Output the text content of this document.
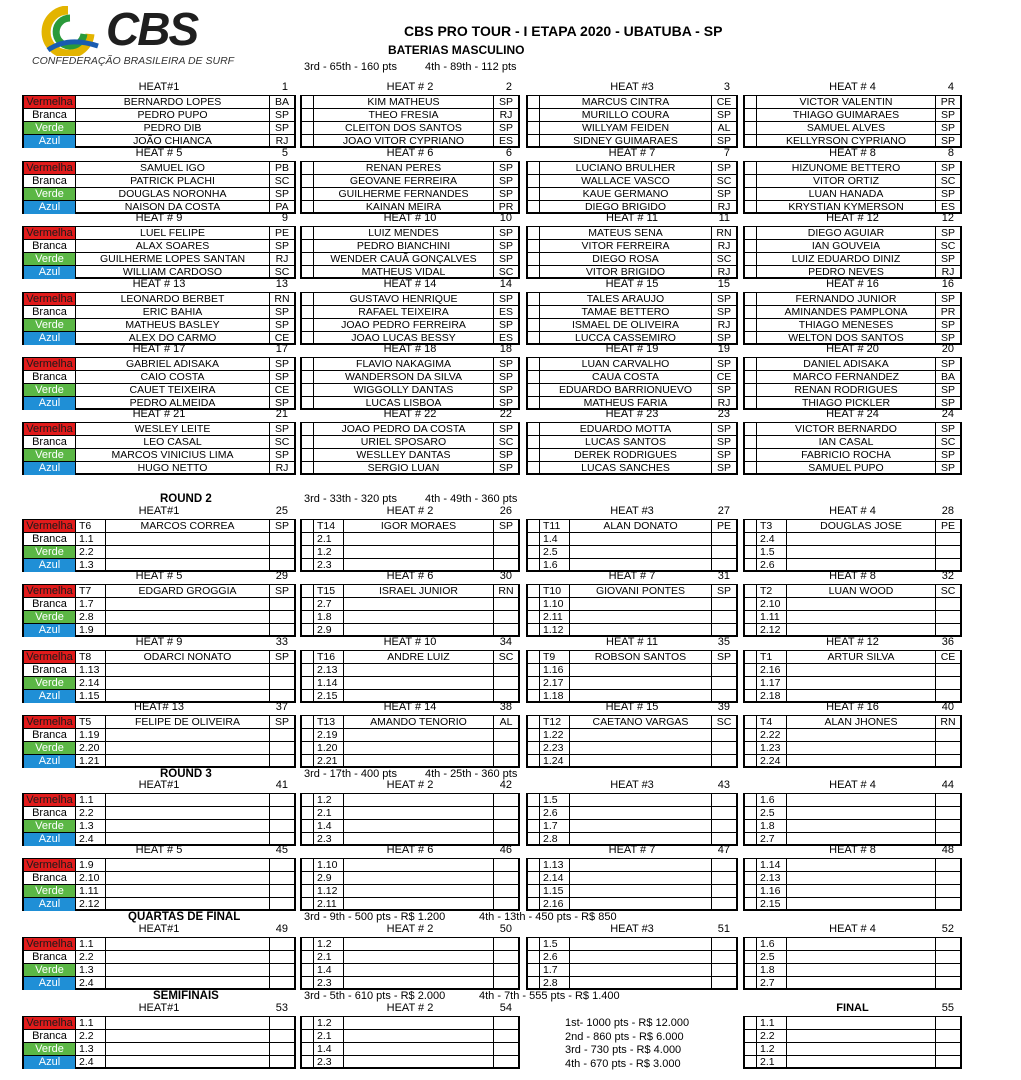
CBS
CONFEDERAÇÃO BRASILEIRA DE SURF
CBS PRO TOUR - I ETAPA 2020 - UBATUBA - SP
BATERIAS MASCULINO
3rd - 65th - 160 pts	4th - 89th - 112 pts
HEAT#1	1
Vermelha	BERNARDO LOPES	BA
Branca	PEDRO PUPO	SP
Verde	PEDRO DIB	SP
Azul	JOÃO CHIANCA	RJ
HEAT # 2	2
KIM MATHEUS	SP
THEO FRESIA	RJ
CLEITON DOS SANTOS	SP
JOAO VITOR CYPRIANO	ES
HEAT #3	3
MARCUS CINTRA	CE
MURILLO COURA	SP
WILLYAM FEIDEN	AL
SIDNEY GUIMARAES	SP
HEAT # 4	4
VICTOR VALENTIN	PR
THIAGO GUIMARAES	SP
SAMUEL ALVES	SP
KELLYRSON CYPRIANO	SP
HEAT # 5	5
Vermelha	SAMUEL IGO	PB
Branca	PATRICK PLACHI	SC
Verde	DOUGLAS NORONHA	SP
Azul	NAISON DA COSTA	PA
HEAT # 6	6
RENAN PERES	SP
GEOVANE FERREIRA	SP
GUILHERME FERNANDES	SP
KAINAN MEIRA	PR
HEAT # 7	7
LUCIANO BRULHER	SP
WALLACE VASCO	SC
KAUE GERMANO	SP
DIEGO BRIGIDO	RJ
HEAT # 8	8
HIZUNOME BETTERO	SP
VITOR ORTIZ	SC
LUAN HANADA	SP
KRYSTIAN KYMERSON	ES
HEAT # 9	9
Vermelha	LUEL FELIPE	PE
Branca	ALAX SOARES	SP
Verde	GUILHERME LOPES SANTAN	RJ
Azul	WILLIAM CARDOSO	SC
HEAT # 10	10
LUIZ MENDES	SP
PEDRO BIANCHINI	SP
WENDER CAUÃ GONÇALVES	SP
MATHEUS VIDAL	SC
HEAT # 11	11
MATEUS SENA	RN
VITOR FERREIRA	RJ
DIEGO ROSA	SC
VITOR BRIGIDO	RJ
HEAT # 12	12
DIEGO AGUIAR	SP
IAN GOUVEIA	SC
LUIZ EDUARDO DINIZ	SP
PEDRO NEVES	RJ
HEAT # 13	13
Vermelha	LEONARDO BERBET	RN
Branca	ERIC BAHIA	SP
Verde	MATHEUS BASLEY	SP
Azul	ALEX DO CARMO	CE
HEAT # 14	14
GUSTAVO HENRIQUE	SP
RAFAEL TEIXEIRA	ES
JOAO PEDRO FERREIRA	SP
JOAO LUCAS BESSY	ES
HEAT # 15	15
TALES ARAUJO	SP
TAMAE BETTERO	SP
ISMAEL DE OLIVEIRA	RJ
LUCCA CASSEMIRO	SP
HEAT # 16	16
FERNANDO JUNIOR	SP
AMINANDES PAMPLONA	PR
THIAGO MENESES	SP
WELTON DOS SANTOS	SP
HEAT # 17	17
Vermelha	GABRIEL ADISAKA	SP
Branca	CAIO COSTA	SP
Verde	CAUET TEIXEIRA	CE
Azul	PEDRO ALMEIDA	SP
HEAT # 18	18
FLAVIO NAKAGIMA	SP
WANDERSON DA SILVA	SP
WIGGOLLY DANTAS	SP
LUCAS LISBOA	SP
HEAT # 19	19
LUAN CARVALHO	SP
CAUA COSTA	CE
EDUARDO BARRIONUEVO	SP
MATHEUS FARIA	RJ
HEAT # 20	20
DANIEL ADISAKA	SP
MARCO FERNANDEZ	BA
RENAN RODRIGUES	SP
THIAGO PICKLER	SP
HEAT # 21	21
Vermelha	WESLEY LEITE	SP
Branca	LEO CASAL	SC
Verde	MARCOS VINICIUS LIMA	SP
Azul	HUGO NETTO	RJ
HEAT # 22	22
JOAO PEDRO DA COSTA	SP
URIEL SPOSARO	SC
WESLLEY DANTAS	SP
SERGIO LUAN	SP
HEAT # 23	23
EDUARDO MOTTA	SP
LUCAS SANTOS	SP
DEREK RODRIGUES	SP
LUCAS SANCHES	SP
HEAT # 24	24
VICTOR BERNARDO	SP
IAN CASAL	SC
FABRICIO ROCHA	SP
SAMUEL PUPO	SP
ROUND 2	3rd - 33th - 320 pts	4th - 49th - 360 pts
HEAT#1	25
Vermelha T6	MARCOS CORREA	SP
Branca	1.1
Verde	2.2
Azul	1.3
HEAT # 2	26
T14	IGOR MORAES	SP
2.1
1.2
2.3
HEAT #3	27
T11	ALAN DONATO	PE
1.4
2.5
1.6
HEAT # 4	28
T3	DOUGLAS JOSE	PE
2.4
1.5
2.6
HEAT # 5	29
Vermelha T7	EDGARD GROGGIA	SP
Branca	1.7
Verde	2.8
Azul	1.9
HEAT # 6	30
T15	ISRAEL JUNIOR	RN
2.7
1.8
2.9
HEAT # 7	31
T10	GIOVANI PONTES	SP
1.10
2.11
1.12
HEAT # 8	32
T2	LUAN WOOD	SC
2.10
1.11
2.12
HEAT # 9	33
Vermelha T8	ODARCI NONATO	SP
Branca	1.13
Verde	2.14
Azul	1.15
HEAT # 10	34
T16	ANDRE LUIZ	SC
2.13
1.14
2.15
HEAT # 11	35
T9	ROBSON SANTOS	SP
1.16
2.17
1.18
HEAT # 12	36
T1	ARTUR SILVA	CE
2.16
1.17
2.18
HEAT# 13	37
Vermelha T5	FELIPE DE OLIVEIRA	SP
Branca	1.19
Verde	2.20
Azul	1.21
HEAT # 14	38
T13	AMANDO TENORIO	AL
2.19
1.20
2.21
HEAT # 15	39
T12	CAETANO VARGAS	SC
1.22
2.23
1.24
HEAT # 16	40
T4	ALAN JHONES	RN
2.22
1.23
2.24
ROUND 3	3rd - 17th - 400 pts	4th - 25th - 360 pts
HEAT#1	41
Vermelha 1.1
Branca	2.2
Verde	1.3
Azul	2.4
HEAT # 2	42
1.2
2.1
1.4
2.3
HEAT #3	43
1.5
2.6
1.7
2.8
HEAT # 4	44
1.6
2.5
1.8
2.7
HEAT # 5	45
Vermelha 1.9
Branca	2.10
Verde	1.11
Azul	2.12
HEAT # 6	46
1.10
2.9
1.12
2.11
HEAT # 7	47
1.13
2.14
1.15
2.16
HEAT # 8	48
1.14
2.13
1.16
2.15
QUARTAS DE FINAL	3rd - 9th - 500 pts - R$ 1.200	4th - 13th - 450 pts - R$ 850
HEAT#1	49
Vermelha 1.1
Branca	2.2
Verde	1.3
Azul	2.4
HEAT # 2	50
1.2
2.1
1.4
2.3
HEAT #3	51
1.5
2.6
1.7
2.8
HEAT # 4	52
1.6
2.5
1.8
2.7
SEMIFINAIS	3rd - 5th - 610 pts - R$ 2.000	4th - 7th - 555 pts - R$ 1.400
HEAT#1	53
Vermelha 1.1
Branca	2.2
Verde	1.3
Azul	2.4
HEAT # 2	54
1.2
2.1
1.4
2.3
1st- 1000 pts - R$ 12.000
2nd - 860 pts - R$ 6.000
3rd - 730 pts - R$ 4.000
4th - 670 pts - R$ 3.000
FINAL	55
1.1
2.2
1.2
2.1
